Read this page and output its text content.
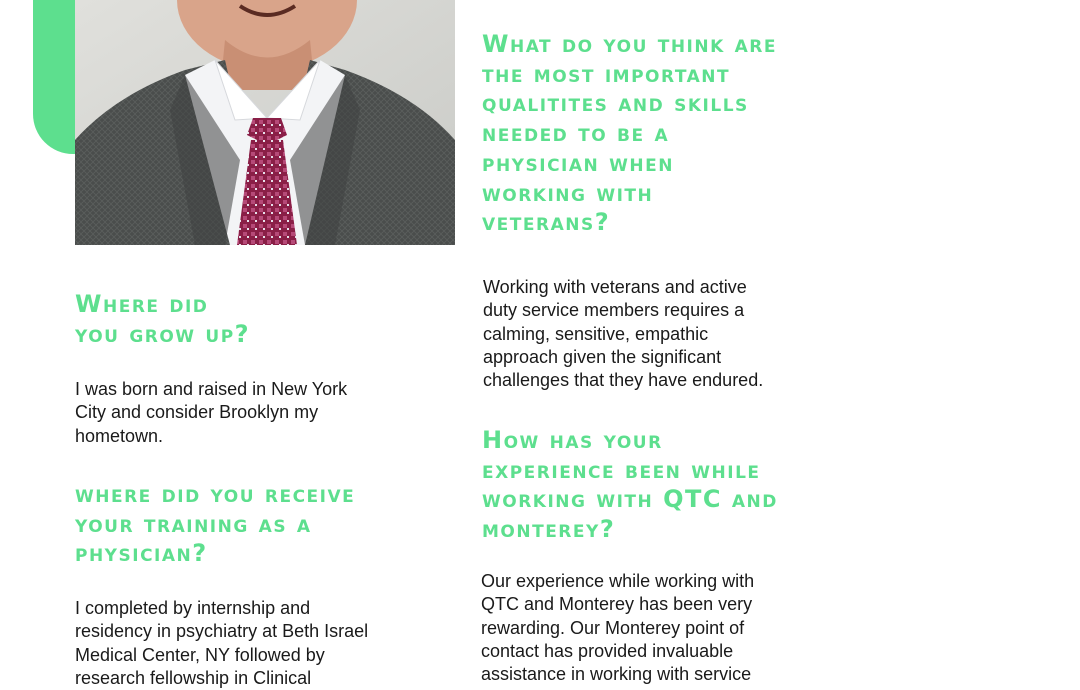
What do you think are
the most important
qualitites and skills
needed to be a
physician when
working with
veterans?

Working with veterans and active
duty service members requires a
calming, sensitive, empathic
approach given the significant
challenges that they have endured.

Where did
you grow up?

I was born and raised in New York
City and consider Brooklyn my
hometown.

where did you receive
your training as a
physician?

I completed by internship and
residency in psychiatry at Beth Israel
Medical Center, NY followed by
research fellowship in Clinical

How has your
experience been while
working with QTC and
monterey?

Our experience while working with
QTC and Monterey has been very
rewarding. Our Monterey point of
contact has provided invaluable
assistance in working with service
